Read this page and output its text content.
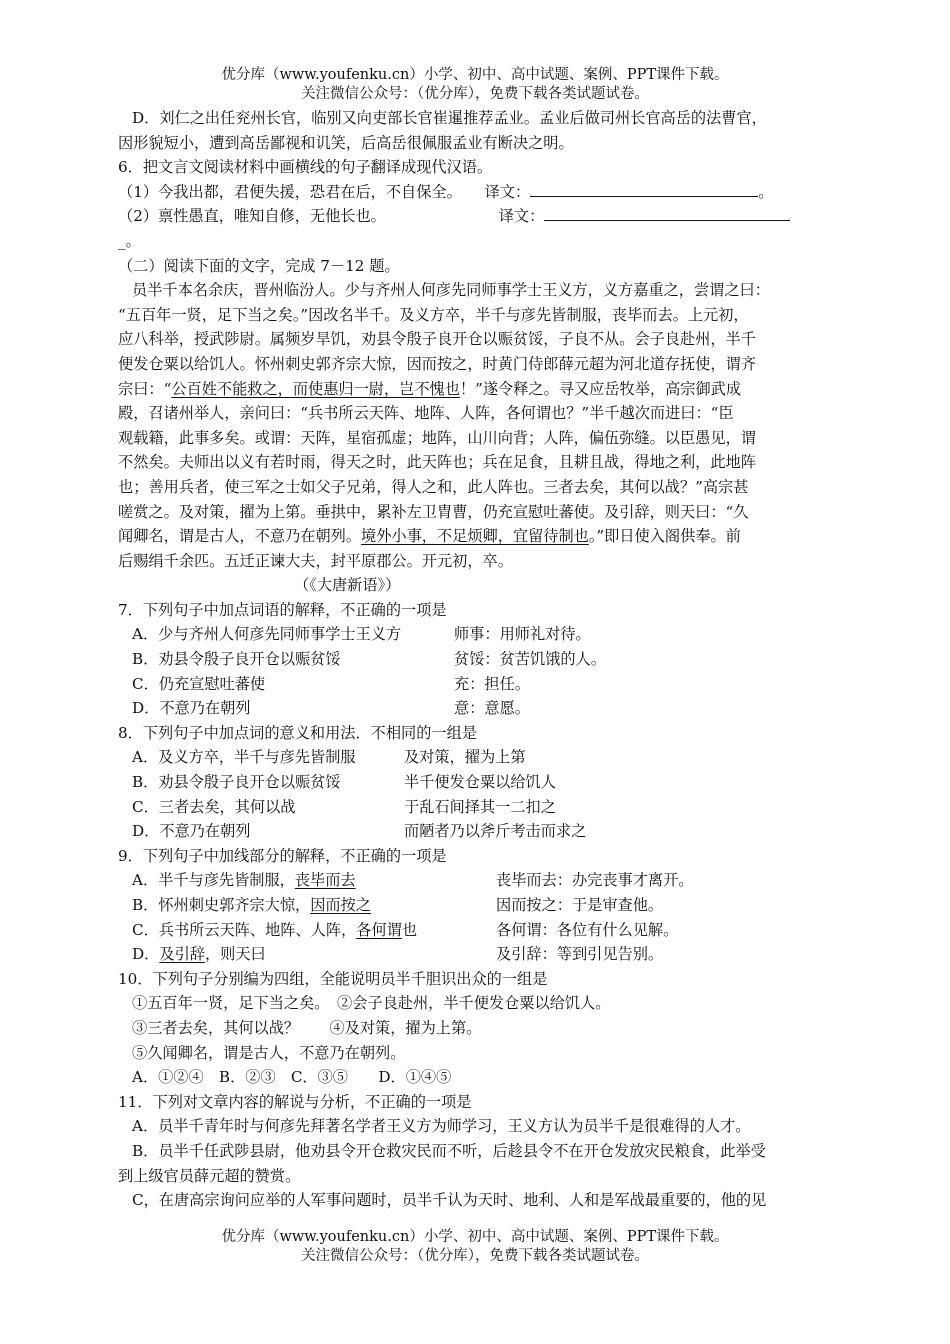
优分库（www.youfenku.cn）小学、初中、高中试题、案例、PPT课件下载。
关注微信公众号：（优分库），免费下载各类试题试卷。
D．刘仁之出任兖州长官，临别又向吏部长官崔暹推荐孟业。孟业后做司州长官高岳的法曹官，
因形貌短小，遭到高岳鄙视和讥笑，后高岳很佩服孟业有断决之明。
6．把文言文阅读材料中画横线的句子翻译成现代汉语。
（1）今我出都，君便失援，恐君在后，不自保全。 译文：	。
（2）禀性愚直，唯知自修，无他长也。	译文：
_。
（二）阅读下面的文字，完成 7－12 题。
员半千本名余庆，晋州临汾人。少与齐州人何彦先同师事学士王义方，义方嘉重之，尝谓之曰：
“五百年一贤，足下当之矣。”因改名半千。及义方卒，半千与彦先皆制服，丧毕而去。上元初，
应八科举，授武陟尉。属频岁旱饥，劝县令殷子良开仓以赈贫馁，子良不从。会子良赴州，半千
便发仓粟以给饥人。怀州刺史郭齐宗大惊，因而按之，时黄门侍郎薛元超为河北道存抚使，谓齐
宗曰：“公百姓不能救之，而使惠归一尉，岂不愧也！”遂令释之。寻又应岳牧举，高宗御武成
殿，召诸州举人，亲问曰：“兵书所云天阵、地阵、人阵，各何谓也？”半千越次而进曰：“臣
观载籍，此事多矣。或谓：天阵，星宿孤虚；地阵，山川向背；人阵，偏伍弥缝。以臣愚见，谓
不然矣。夫师出以义有若时雨，得天之时，此天阵也；兵在足食，且耕且战，得地之利，此地阵
也；善用兵者，使三军之士如父子兄弟，得人之和，此人阵也。三者去矣，其何以战？”高宗甚
嗟赏之。及对策，擢为上第。垂拱中，累补左卫胄曹，仍充宣慰吐蕃使。及引辞，则天曰：“久
闻卿名，谓是古人，不意乃在朝列。境外小事，不足烦卿，宜留待制也。”即日使入阁供奉。前
后赐绢千余匹。五迁正谏大夫，封平原郡公。开元初，卒。
（《大唐新语》）
7．下列句子中加点词语的解释，不正确的一项是
A．少与齐州人何彦先同师事学士王义方	师事：用师礼对待。
B．劝县令殷子良开仓以赈贫馁	贫馁：贫苦饥饿的人。
C．仍充宣慰吐蕃使	充：担任。
D．不意乃在朝列	意：意愿。
8．下列句子中加点词的意义和用法．不相同的一组是
A．及义方卒，半千与彦先皆制服	及对策，擢为上第
B．劝县令殷子良开仓以赈贫馁	半千便发仓粟以给饥人
C．三者去矣，其何以战	于乱石间择其一二扣之
D．不意乃在朝列	而陋者乃以斧斤考击而求之
9．下列句子中加线部分的解释，不正确的一项是
A．半千与彦先皆制服，丧毕而去	丧毕而去：办完丧事才离开。
B．怀州刺史郭齐宗大惊，因而按之	因而按之：于是审查他。
C．兵书所云天阵、地阵、人阵，各何谓也	各何谓：各位有什么见解。
D．及引辞，则天曰	及引辞：等到引见告别。
10．下列句子分别编为四组，全能说明员半千胆识出众的一组是
①五百年一贤，足下当之矣。　②会子良赴州，半千便发仓粟以给饥人。
③三者去矣，其何以战？　　④及对策，擢为上第。
⑤久闻卿名，谓是古人，不意乃在朝列。
A．①②④　B．②③　C．③⑤　　D．①④⑤
11．下列对文章内容的解说与分析，不正确的一项是
A．员半千青年时与何彦先拜著名学者王义方为师学习，王义方认为员半千是很难得的人才。
B．员半千任武陟县尉，他劝县令开仓救灾民而不听，后趁县令不在开仓发放灾民粮食，此举受
到上级官员薛元超的赞赏。
C，在唐高宗询问应举的人军事问题时，员半千认为天时、地利、人和是军战最重要的，他的见
优分库（www.youfenku.cn）小学、初中、高中试题、案例、PPT课件下载。
关注微信公众号：（优分库），免费下载各类试题试卷。
